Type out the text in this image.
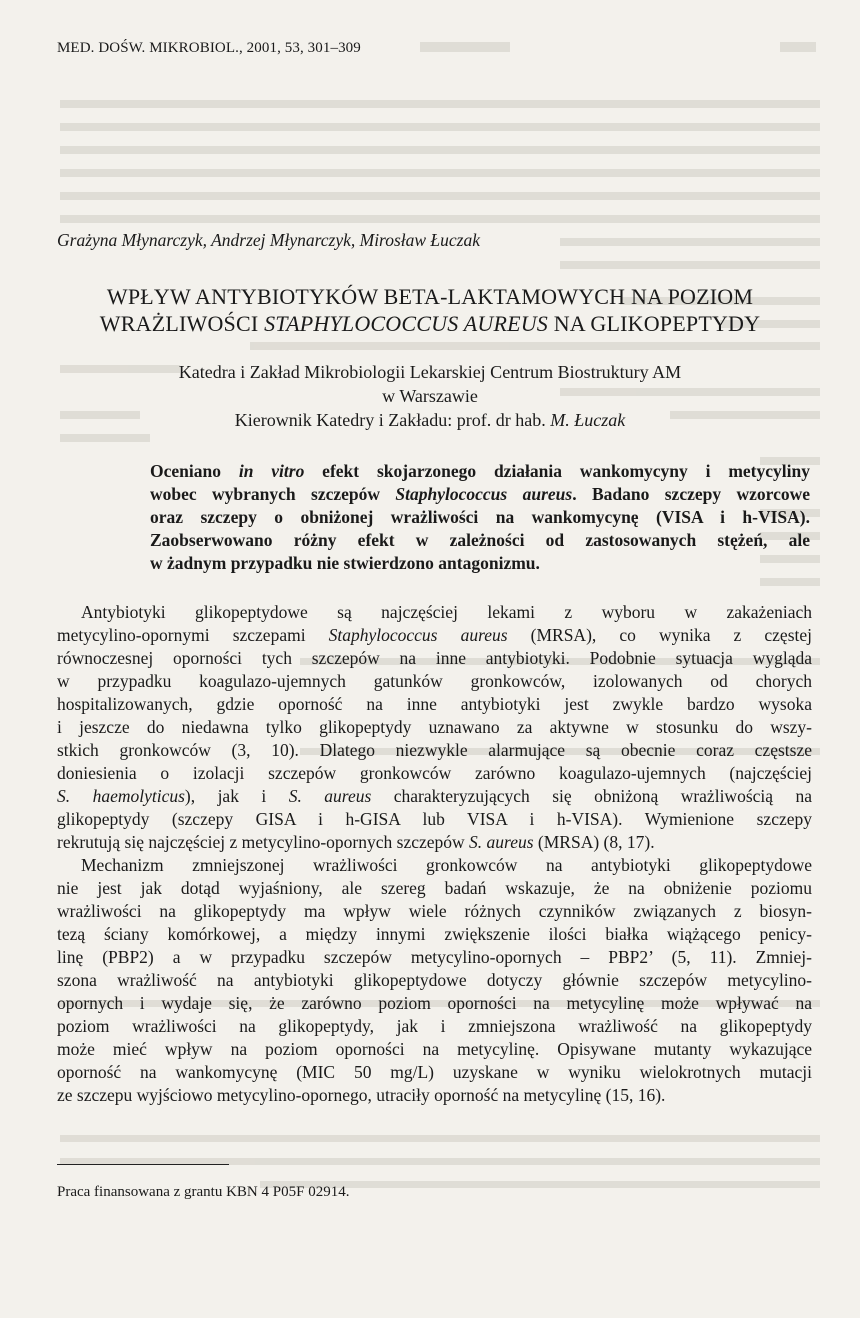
MED. DOŚW. MIKROBIOL., 2001, 53, 301–309
Grażyna Młynarczyk, Andrzej Młynarczyk, Mirosław Łuczak
WPŁYW ANTYBIOTYKÓW BETA-LAKTAMOWYCH NA POZIOM
WRAŻLIWOŚCI STAPHYLOCOCCUS AUREUS NA GLIKOPEPTYDY
Katedra i Zakład Mikrobiologii Lekarskiej Centrum Biostruktury AM
w Warszawie
Kierownik Katedry i Zakładu: prof. dr hab. M. Łuczak
Oceniano in vitro efekt skojarzonego działania wankomycyny i metycyliny
wobec wybranych szczepów Staphylococcus aureus. Badano szczepy wzorcowe
oraz szczepy o obniżonej wrażliwości na wankomycynę (VISA i h-VISA).
Zaobserwowano różny efekt w zależności od zastosowanych stężeń, ale
w żadnym przypadku nie stwierdzono antagonizmu.
Antybiotyki glikopeptydowe są najczęściej lekami z wyboru w zakażeniach
metycylino-opornymi szczepami Staphylococcus aureus (MRSA), co wynika z częstej
równoczesnej oporności tych szczepów na inne antybiotyki. Podobnie sytuacja wygląda
w przypadku koagulazo-ujemnych gatunków gronkowców, izolowanych od chorych
hospitalizowanych, gdzie oporność na inne antybiotyki jest zwykle bardzo wysoka
i jeszcze do niedawna tylko glikopeptydy uznawano za aktywne w stosunku do wszy-
stkich gronkowców (3, 10). Dlatego niezwykle alarmujące są obecnie coraz częstsze
doniesienia o izolacji szczepów gronkowców zarówno koagulazo-ujemnych (najczęściej
S. haemolyticus), jak i S. aureus charakteryzujących się obniżoną wrażliwością na
glikopeptydy (szczepy GISA i h-GISA lub VISA i h-VISA). Wymienione szczepy
rekrutują się najczęściej z metycylino-opornych szczepów S. aureus (MRSA) (8, 17).
Mechanizm zmniejszonej wrażliwości gronkowców na antybiotyki glikopeptydowe
nie jest jak dotąd wyjaśniony, ale szereg badań wskazuje, że na obniżenie poziomu
wrażliwości na glikopeptydy ma wpływ wiele różnych czynników związanych z biosyn-
tezą ściany komórkowej, a między innymi zwiększenie ilości białka wiążącego penicy-
linę (PBP2) a w przypadku szczepów metycylino-opornych – PBP2’ (5, 11). Zmniej-
szona wrażliwość na antybiotyki glikopeptydowe dotyczy głównie szczepów metycylino-
opornych i wydaje się, że zarówno poziom oporności na metycylinę może wpływać na
poziom wrażliwości na glikopeptydy, jak i zmniejszona wrażliwość na glikopeptydy
może mieć wpływ na poziom oporności na metycylinę. Opisywane mutanty wykazujące
oporność na wankomycynę (MIC 50 mg/L) uzyskane w wyniku wielokrotnych mutacji
ze szczepu wyjściowo metycylino-opornego, utraciły oporność na metycylinę (15, 16).
Praca finansowana z grantu KBN 4 P05F 02914.
